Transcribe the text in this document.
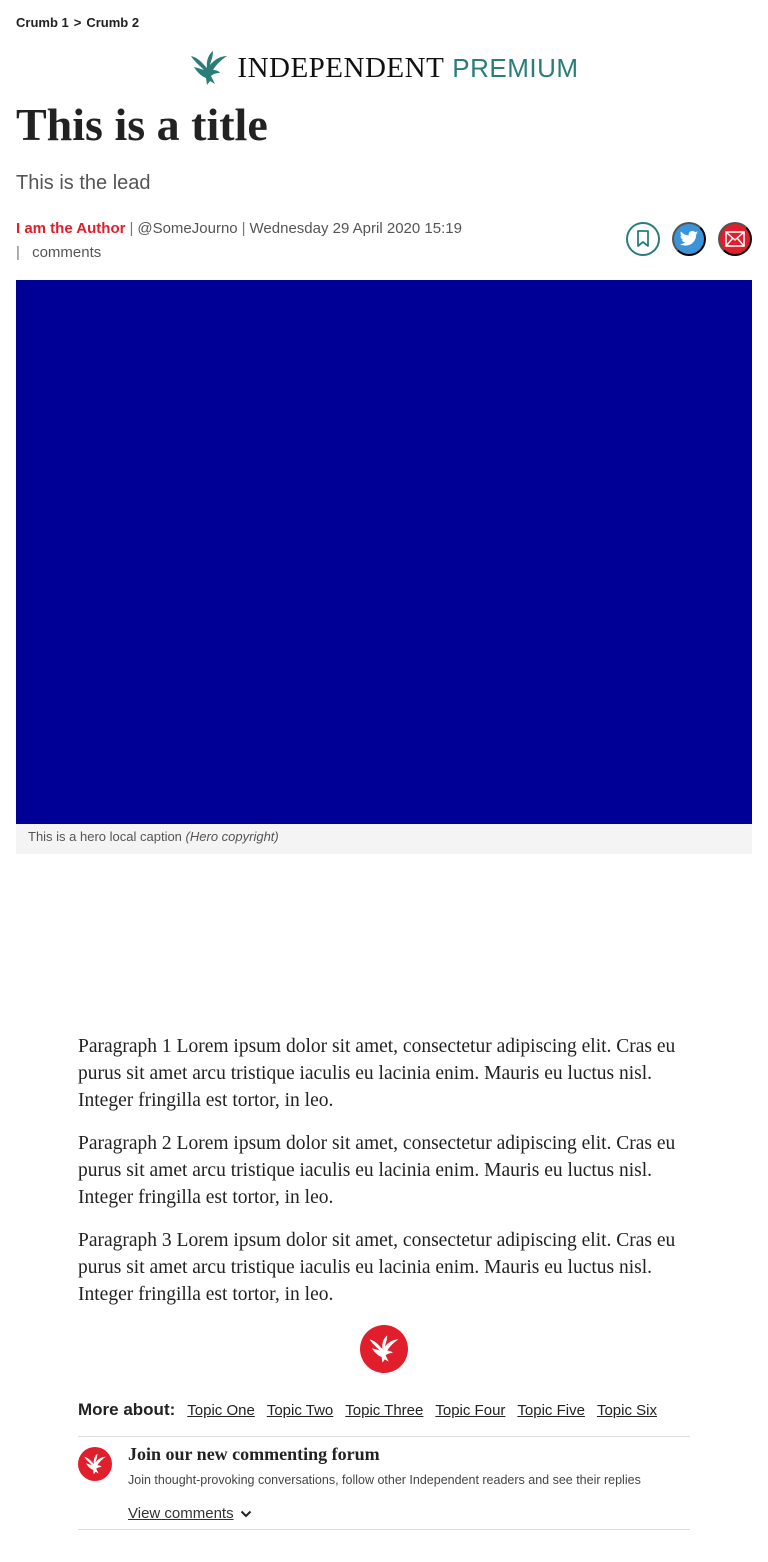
Crumb 1 > Crumb 2
INDEPENDENT PREMIUM
This is a title

This is the lead

I am the Author | @SomeJourno | Wednesday 29 April 2020 15:19
| comments
This is a hero local caption (Hero copyright)

Paragraph 1 Lorem ipsum dolor sit amet, consectetur adipiscing elit. Cras eu purus sit amet arcu tristique iaculis eu lacinia enim. Mauris eu luctus nisl. Integer fringilla est tortor, in leo.

Paragraph 2 Lorem ipsum dolor sit amet, consectetur adipiscing elit. Cras eu purus sit amet arcu tristique iaculis eu lacinia enim. Mauris eu luctus nisl. Integer fringilla est tortor, in leo.

Paragraph 3 Lorem ipsum dolor sit amet, consectetur adipiscing elit. Cras eu purus sit amet arcu tristique iaculis eu lacinia enim. Mauris eu luctus nisl. Integer fringilla est tortor, in leo.

More about: Topic One Topic Two Topic Three Topic Four Topic Five Topic Six
Join our new commenting forum

Join thought-provoking conversations, follow other Independent readers and see their replies

View comments
